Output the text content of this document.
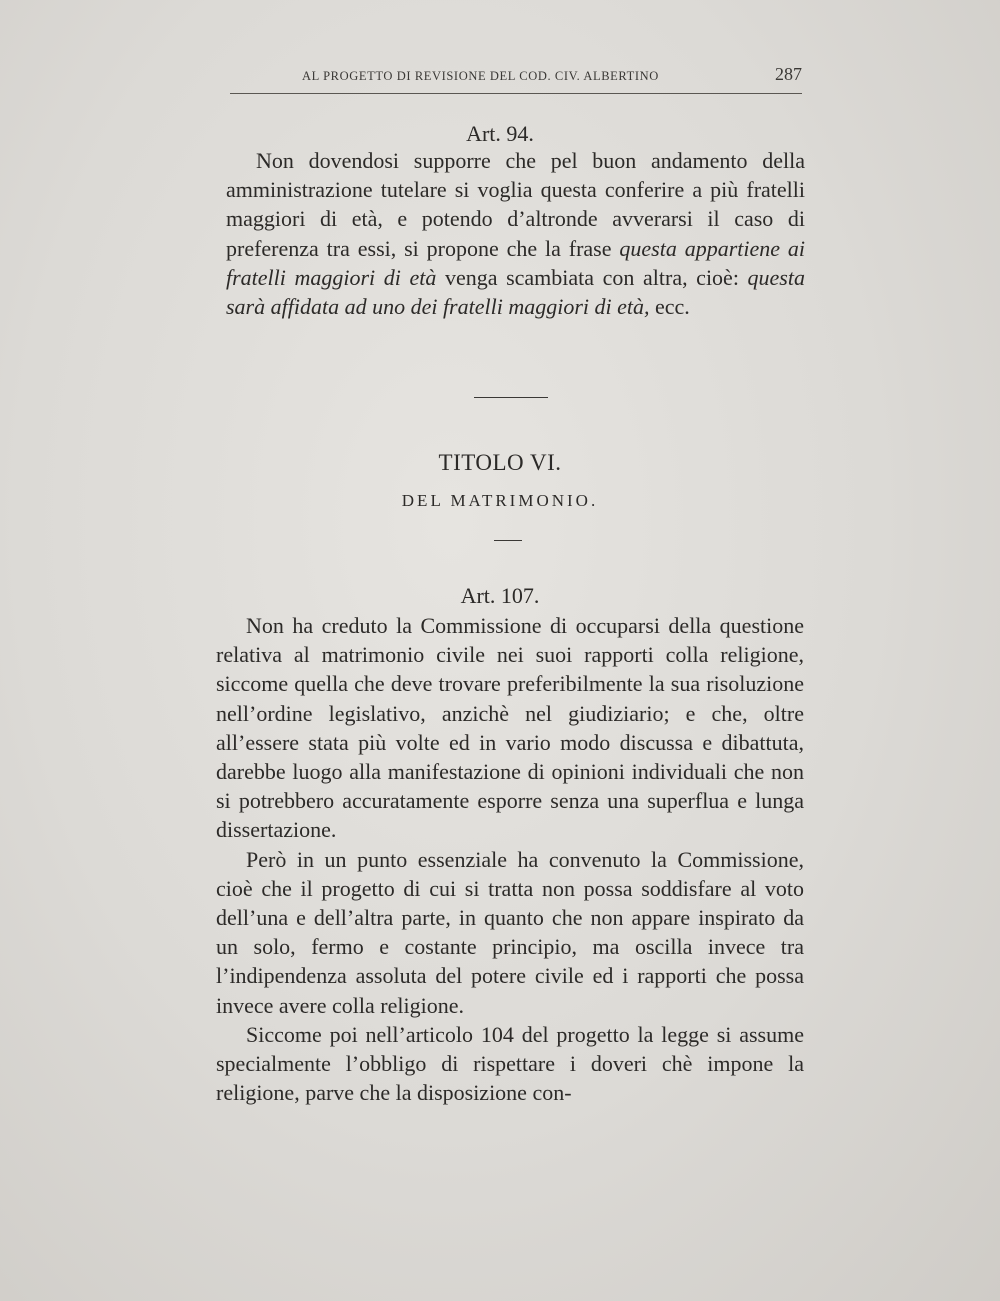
AL PROGETTO DI REVISIONE DEL COD. CIV. ALBERTINO	287
Art. 94.

Non dovendosi supporre che pel buon andamento della amministrazione tutelare si voglia questa conferire a più fratelli maggiori di età, e potendo d’altronde avverarsi il caso di preferenza tra essi, si propone che la frase questa appartiene ai fratelli maggiori di età venga scambiata con altra, cioè: questa sarà affidata ad uno dei fratelli maggiori di età, ecc.

TITOLO VI.
DEL MATRIMONIO.
Art. 107.

Non ha creduto la Commissione di occuparsi della questione relativa al matrimonio civile nei suoi rapporti colla religione, siccome quella che deve trovare preferibilmente la sua risoluzione nell’ordine legislativo, anzichè nel giudiziario; e che, oltre all’essere stata più volte ed in vario modo discussa e dibattuta, darebbe luogo alla manifestazione di opinioni individuali che non si potrebbero accuratamente esporre senza una superflua e lunga dissertazione.

Però in un punto essenziale ha convenuto la Commissione, cioè che il progetto di cui si tratta non possa soddisfare al voto dell’una e dell’altra parte, in quanto che non appare inspirato da un solo, fermo e costante principio, ma oscilla invece tra l’indipendenza assoluta del potere civile ed i rapporti che possa invece avere colla religione.

Siccome poi nell’articolo 104 del progetto la legge si assume specialmente l’obbligo di rispettare i doveri chè impone la religione, parve che la disposizione con-
